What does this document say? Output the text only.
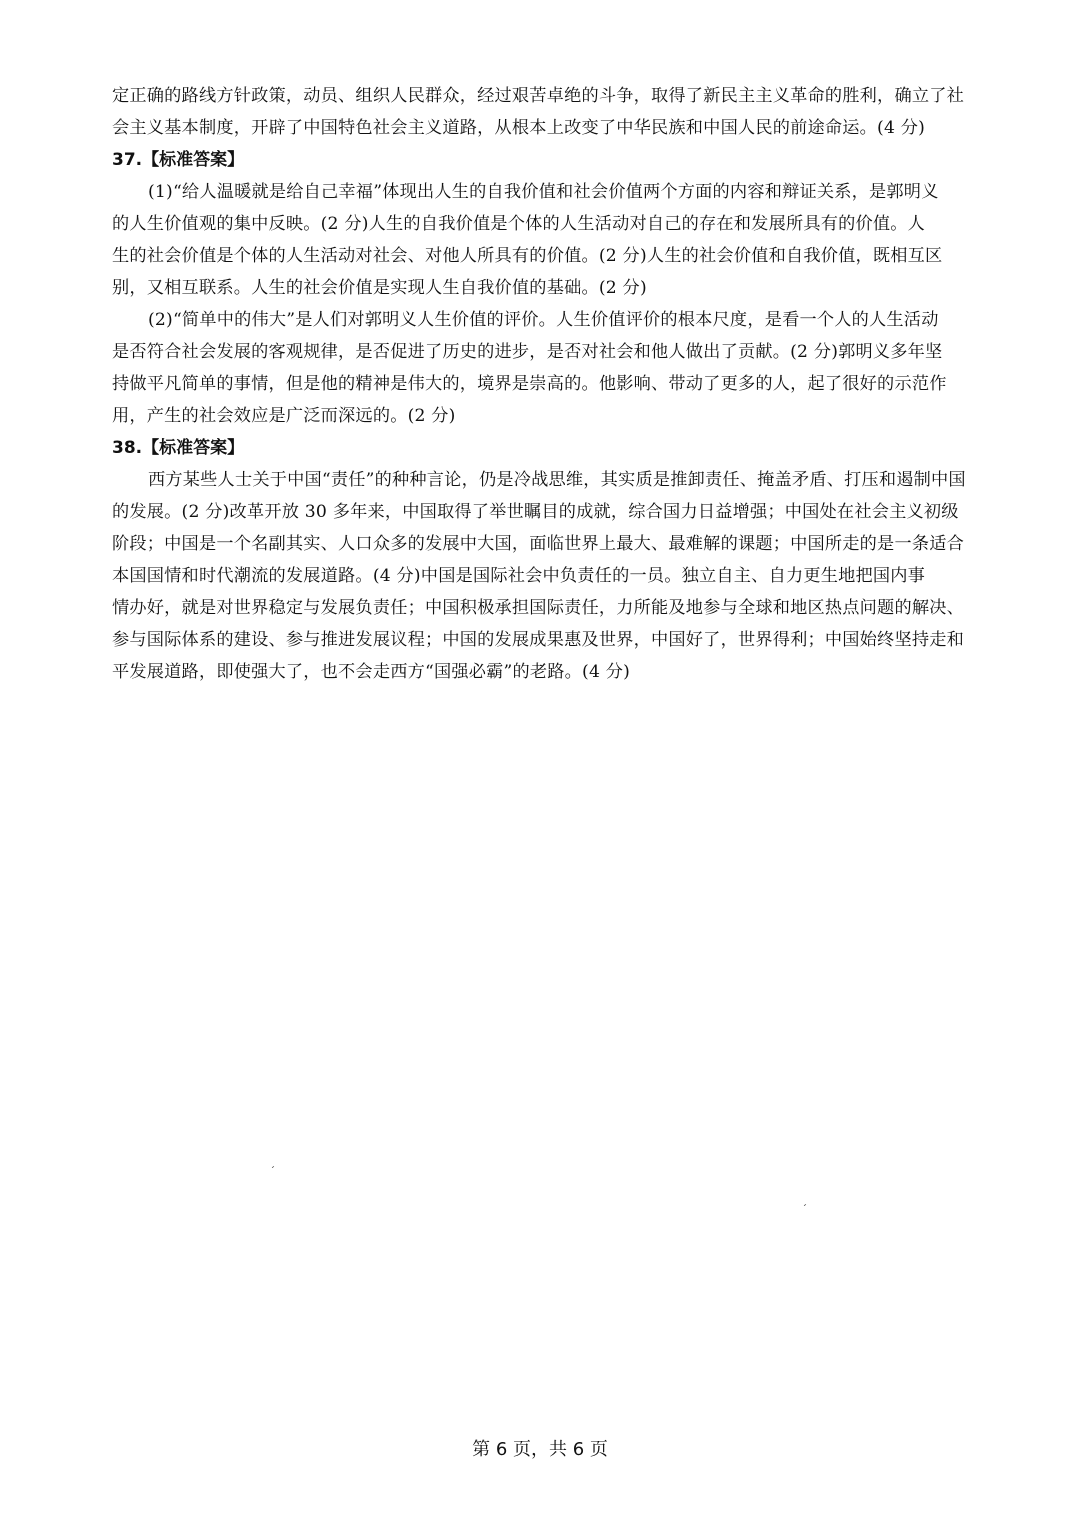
定正确的路线方针政策，动员、组织人民群众，经过艰苦卓绝的斗争，取得了新民主主义革命的胜利，确立了社
会主义基本制度，开辟了中国特色社会主义道路，从根本上改变了中华民族和中国人民的前途命运。(4 分)
37.【标准答案】
(1)“给人温暖就是给自己幸福”体现出人生的自我价值和社会价值两个方面的内容和辩证关系，是郭明义
的人生价值观的集中反映。(2 分)人生的自我价值是个体的人生活动对自己的存在和发展所具有的价值。人
生的社会价值是个体的人生活动对社会、对他人所具有的价值。(2 分)人生的社会价值和自我价值，既相互区
别，又相互联系。人生的社会价值是实现人生自我价值的基础。(2 分)
(2)“简单中的伟大”是人们对郭明义人生价值的评价。人生价值评价的根本尺度，是看一个人的人生活动
是否符合社会发展的客观规律，是否促进了历史的进步，是否对社会和他人做出了贡献。(2 分)郭明义多年坚
持做平凡简单的事情，但是他的精神是伟大的，境界是崇高的。他影响、带动了更多的人，起了很好的示范作
用，产生的社会效应是广泛而深远的。(2 分)
38.【标准答案】
西方某些人士关于中国“责任”的种种言论，仍是冷战思维，其实质是推卸责任、掩盖矛盾、打压和遏制中国
的发展。(2 分)改革开放 30 多年来，中国取得了举世瞩目的成就，综合国力日益增强；中国处在社会主义初级
阶段；中国是一个名副其实、人口众多的发展中大国，面临世界上最大、最难解的课题；中国所走的是一条适合
本国国情和时代潮流的发展道路。(4 分)中国是国际社会中负责任的一员。独立自主、自力更生地把国内事
情办好，就是对世界稳定与发展负责任；中国积极承担国际责任，力所能及地参与全球和地区热点问题的解决、
参与国际体系的建设、参与推进发展议程；中国的发展成果惠及世界，中国好了，世界得利；中国始终坚持走和
平发展道路，即使强大了，也不会走西方“国强必霸”的老路。(4 分)
ˊ
ˊ
第 6 页，共 6 页
